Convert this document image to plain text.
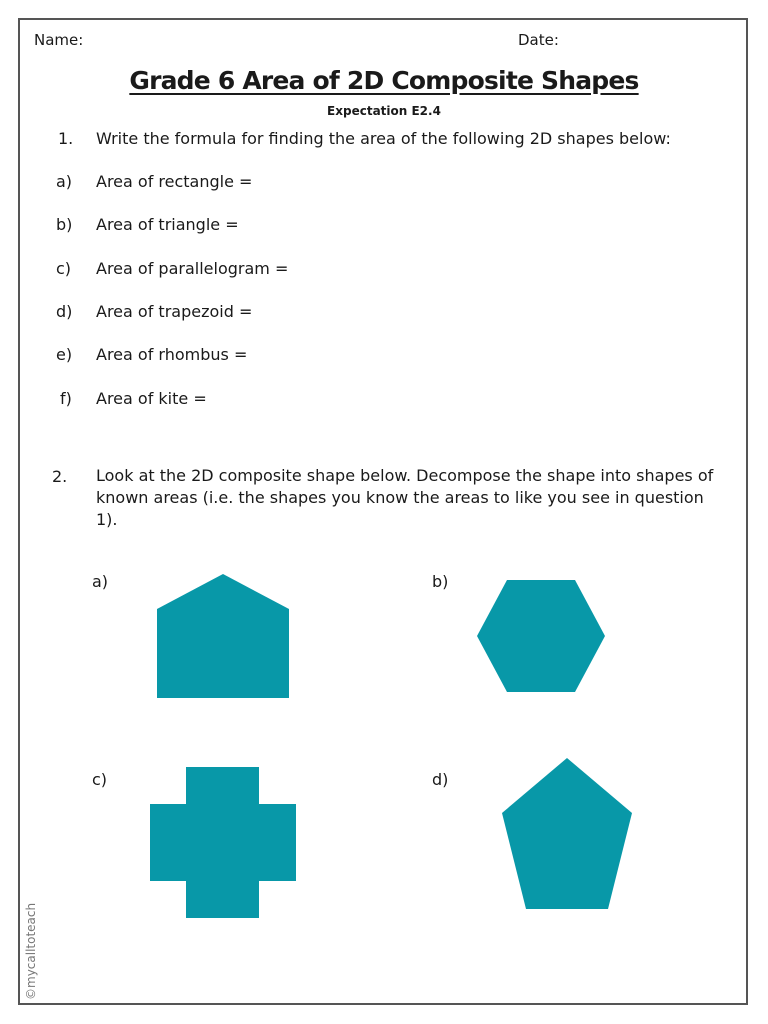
Name:	Date:
Grade 6 Area of 2D Composite Shapes
Expectation E2.4
1. Write the formula for finding the area of the following 2D shapes below:
a) Area of rectangle =
b) Area of triangle =
c) Area of parallelogram =
d) Area of trapezoid =
e) Area of rhombus =
f) Area of kite =
2. Look at the 2D composite shape below. Decompose the shape into shapes of known areas (i.e. the shapes you know the areas to like you see in question 1).
a)	b)
c)	d)
©mycalltoteach
